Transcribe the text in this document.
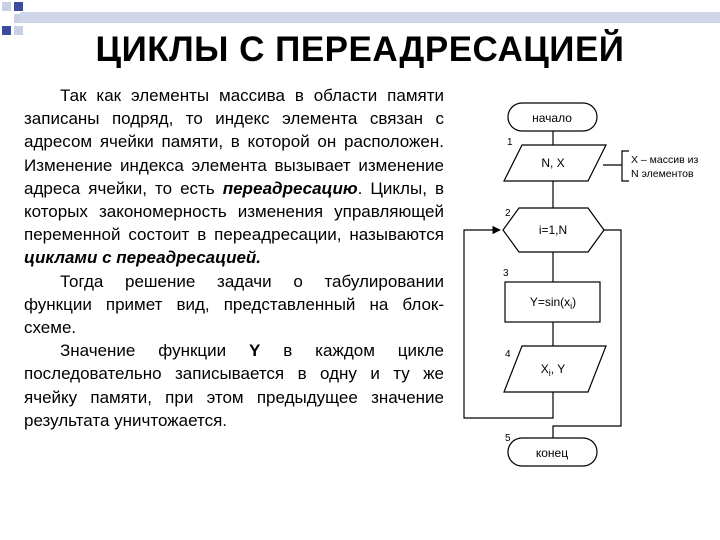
ЦИКЛЫ С ПЕРЕАДРЕСАЦИЕЙ

Так как элементы массива в области памяти записаны подряд, то индекс элемента связан с адресом ячейки памяти, в которой он расположен. Изменение индекса элемента вызывает изменение адреса ячейки, то есть переадресацию. Циклы, в которых закономерность изменения управляющей переменной состоит в переадресации, называются циклами с переадресацией.

Тогда решение задачи о табулировании функции примет вид, представленный на блок-схеме.

Значение функции Y в каждом цикле последовательно записывается в одну и ту же ячейку памяти, при этом предыдущее значение результата уничтожается.

начало
N, X
i=1,N
$Y=\sin(x_i)$
$X_i$, Y
конец
1
2
3
4
5
X – массив из
N элементов
